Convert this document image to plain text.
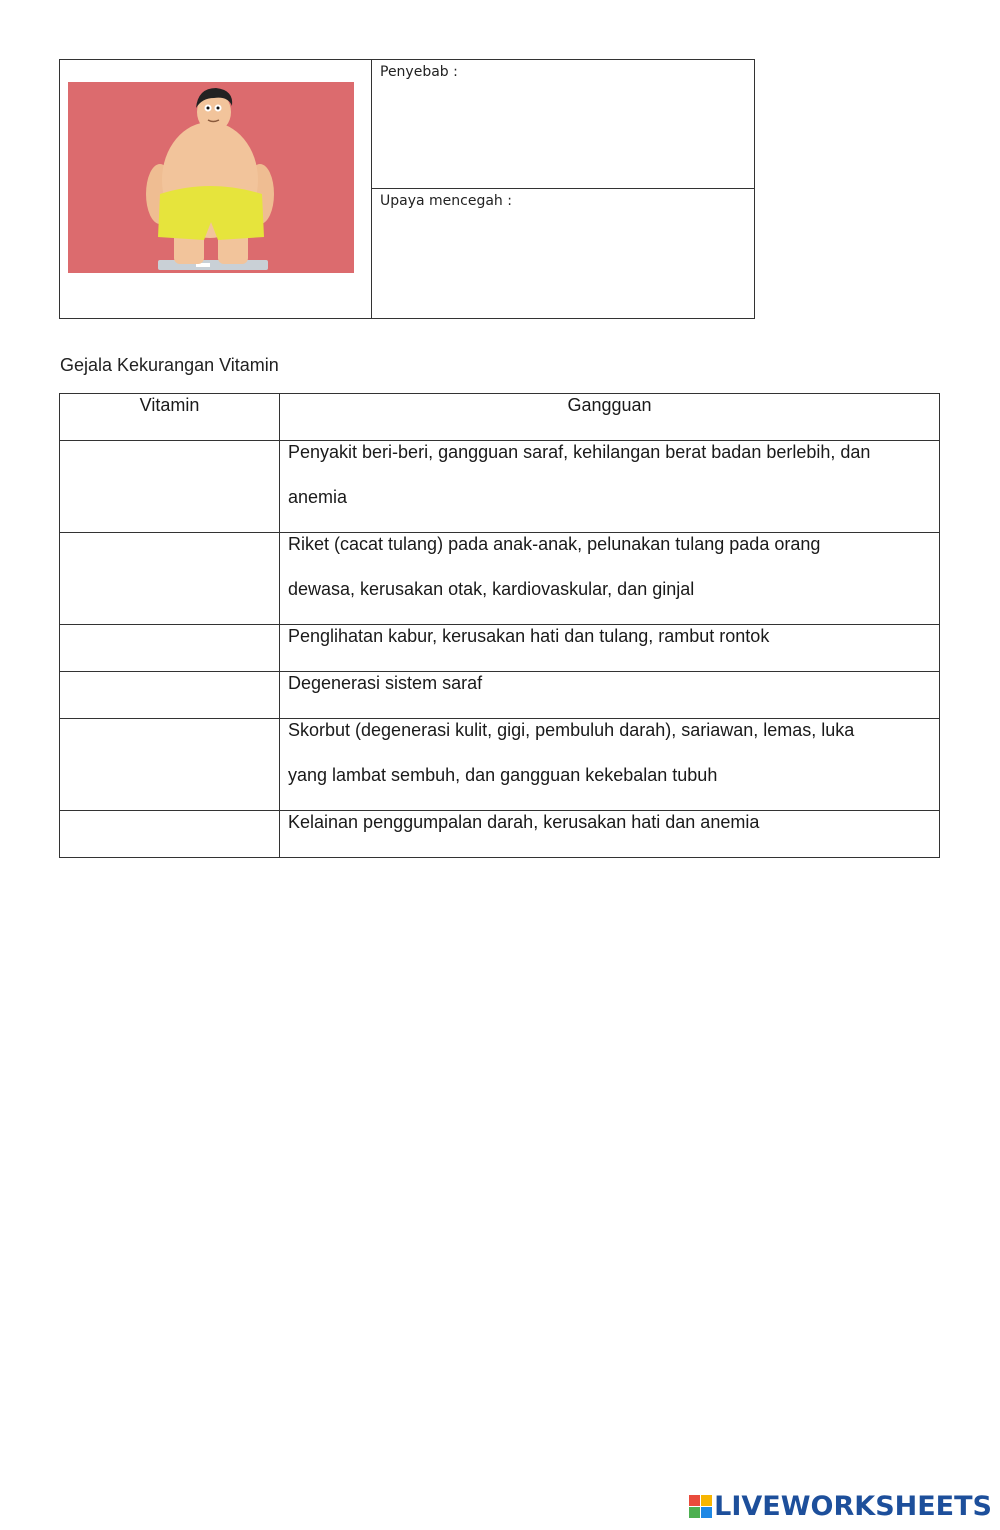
Penyebab :
Upaya mencegah :
Gejala Kekurangan Vitamin
Vitamin	Gangguan

	Penyakit beri-beri, gangguan saraf, kehilangan berat badan berlebih, dan
anemia

	Riket (cacat tulang) pada anak-anak, pelunakan tulang pada orang
dewasa, kerusakan otak, kardiovaskular, dan ginjal

	Penglihatan kabur, kerusakan hati dan tulang, rambut rontok

	Degenerasi sistem saraf

	Skorbut (degenerasi kulit, gigi, pembuluh darah), sariawan, lemas, luka
yang lambat sembuh, dan gangguan kekebalan tubuh

	Kelainan penggumpalan darah, kerusakan hati dan anemia
LIVEWORKSHEETS
